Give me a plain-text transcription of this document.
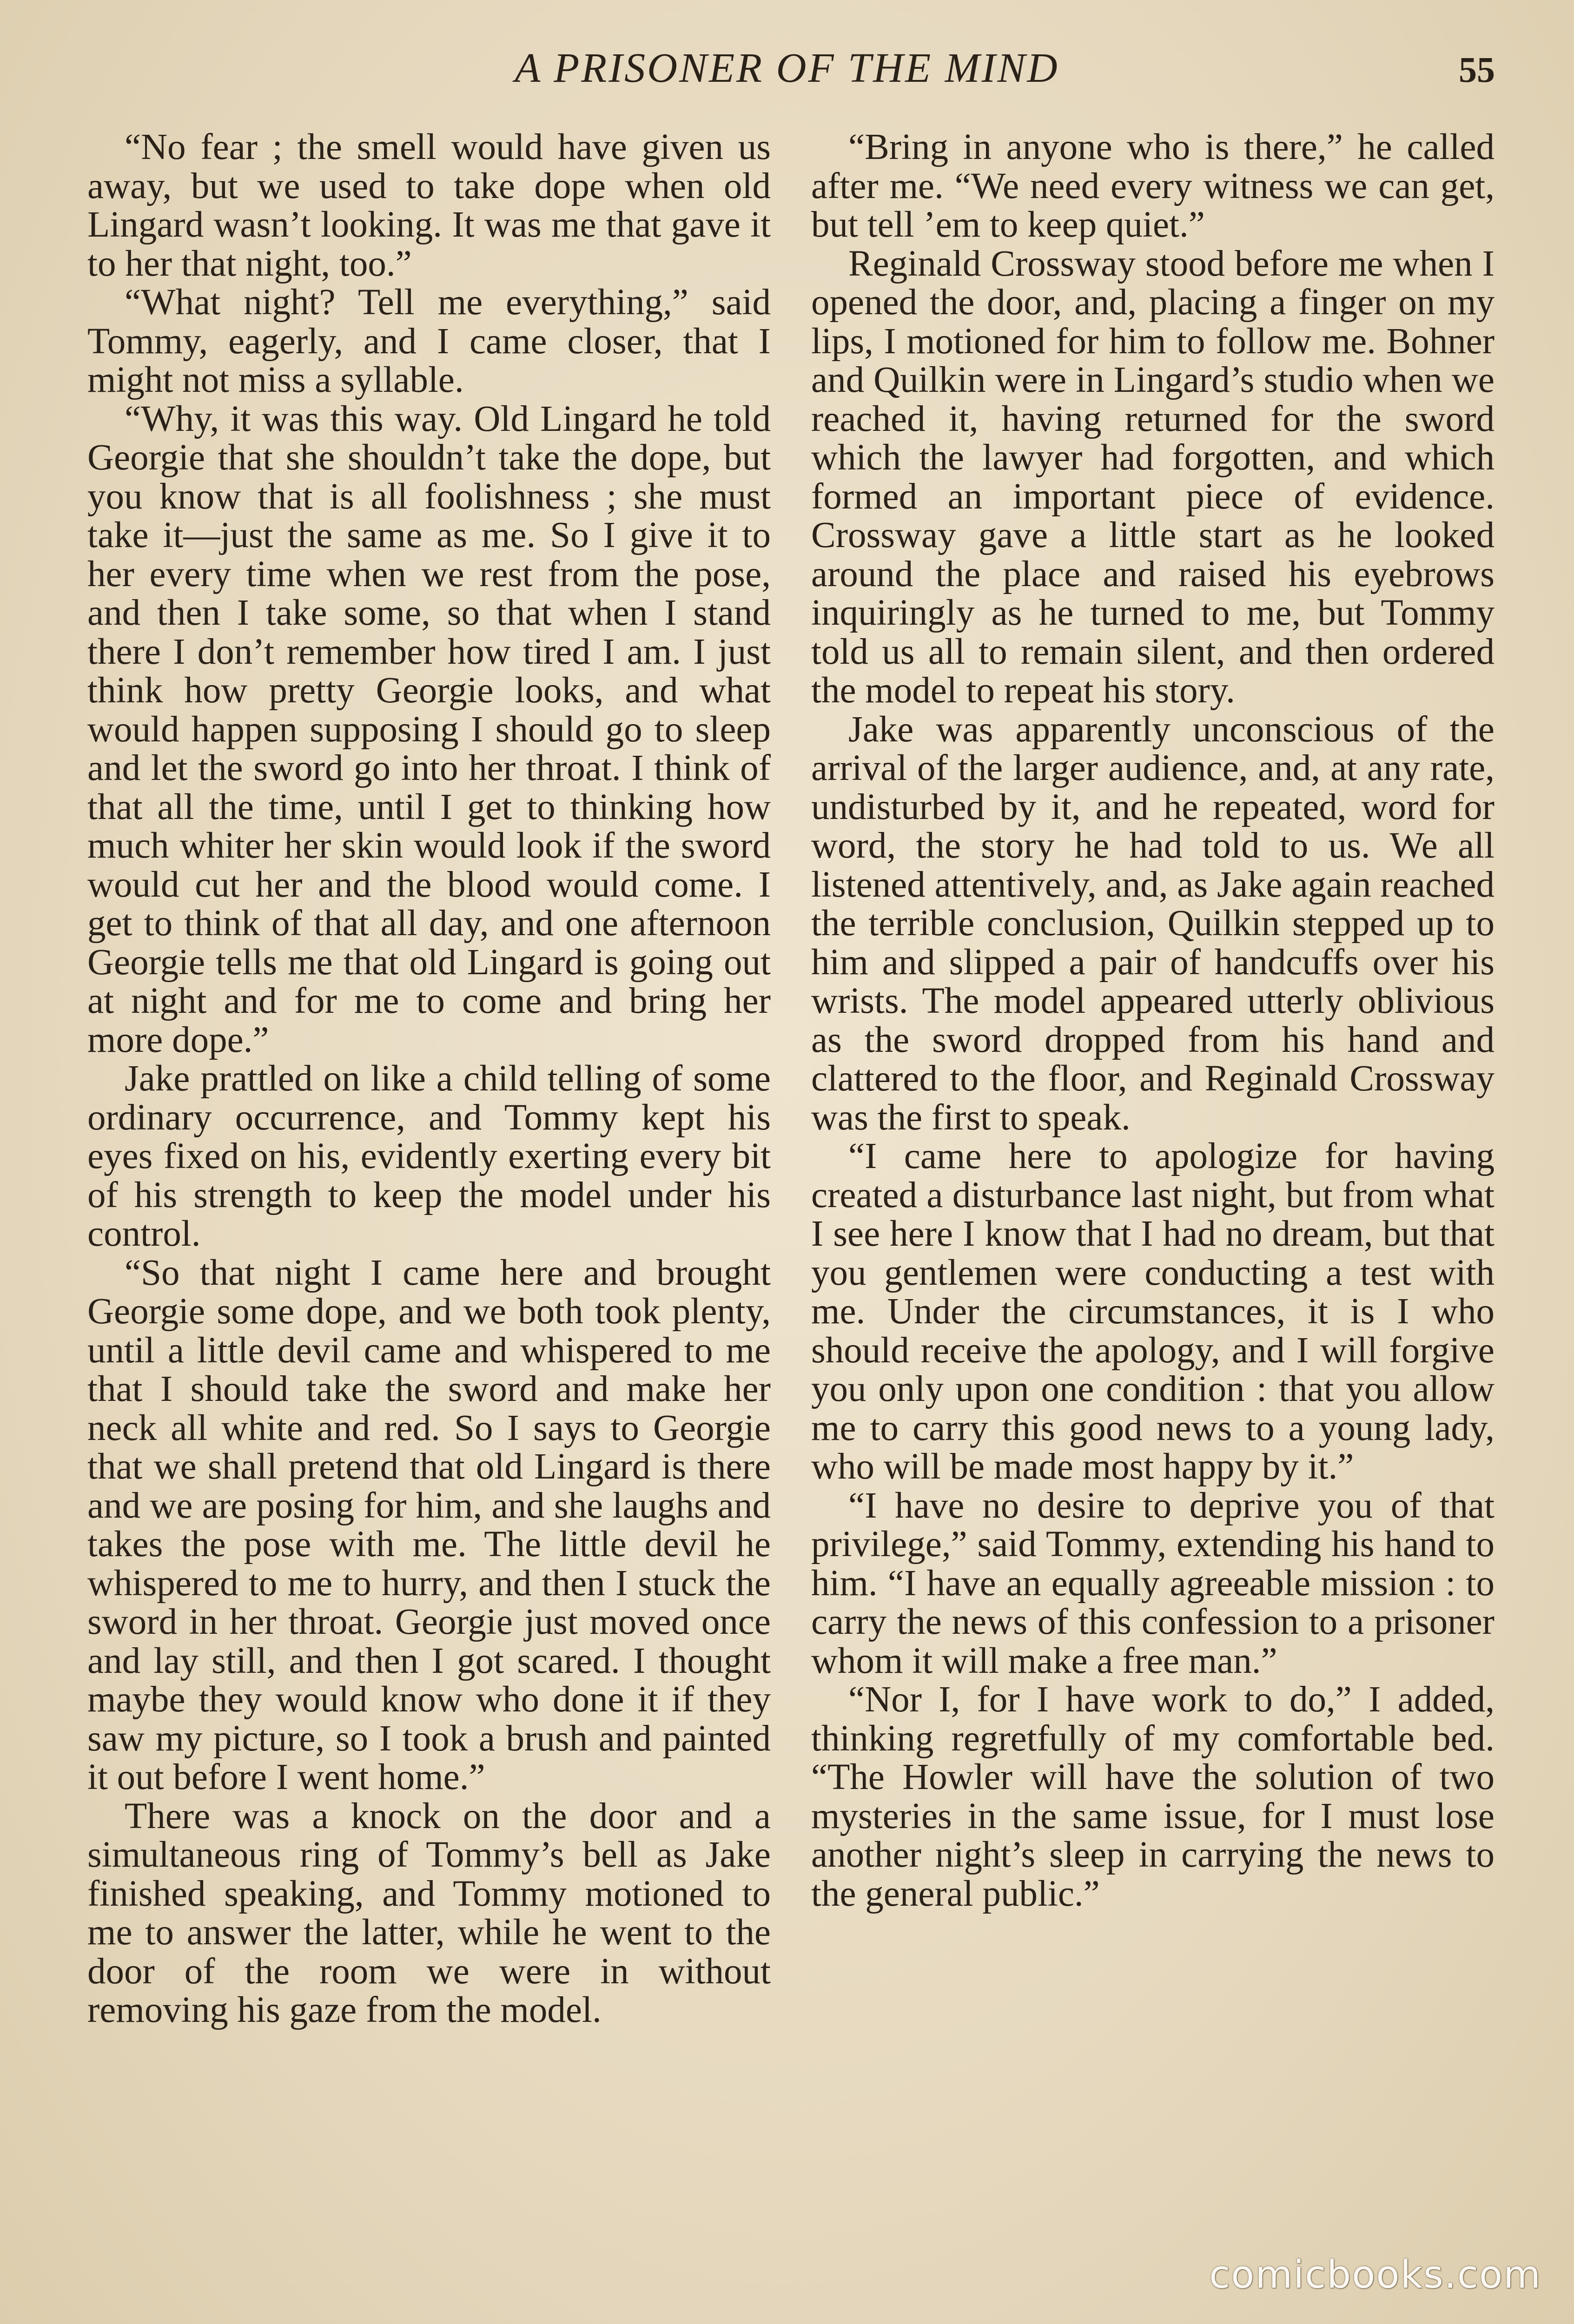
A PRISONER OF THE MIND	55

“No fear ; the smell would have given us away, but we used to take dope when old Lingard wasn’t looking. It was me that gave it to her that night, too.”

“What night? Tell me everything,” said Tommy, eagerly, and I came closer, that I might not miss a syllable.

“Why, it was this way. Old Lingard he told Georgie that she shouldn’t take the dope, but you know that is all foolishness ; she must take it—just the same as me. So I give it to her every time when we rest from the pose, and then I take some, so that when I stand there I don’t remember how tired I am. I just think how pretty Georgie looks, and what would happen supposing I should go to sleep and let the sword go into her throat. I think of that all the time, until I get to thinking how much whiter her skin would look if the sword would cut her and the blood would come. I get to think of that all day, and one afternoon Georgie tells me that old Lingard is going out at night and for me to come and bring her more dope.”

Jake prattled on like a child telling of some ordinary occurrence, and Tommy kept his eyes fixed on his, evidently exerting every bit of his strength to keep the model under his control.

“So that night I came here and brought Georgie some dope, and we both took plenty, until a little devil came and whispered to me that I should take the sword and make her neck all white and red. So I says to Georgie that we shall pretend that old Lingard is there and we are posing for him, and she laughs and takes the pose with me. The little devil he whispered to me to hurry, and then I stuck the sword in her throat. Georgie just moved once and lay still, and then I got scared. I thought maybe they would know who done it if they saw my picture, so I took a brush and painted it out before I went home.”

There was a knock on the door and a simultaneous ring of Tommy’s bell as Jake finished speaking, and Tommy motioned to me to answer the latter, while he went to the door of the room we were in without removing his gaze from the model.

“Bring in anyone who is there,” he called after me. “We need every witness we can get, but tell ’em to keep quiet.”

Reginald Crossway stood before me when I opened the door, and, placing a finger on my lips, I motioned for him to follow me. Bohner and Quilkin were in Lingard’s studio when we reached it, having returned for the sword which the lawyer had forgotten, and which formed an important piece of evidence. Crossway gave a little start as he looked around the place and raised his eyebrows inquiringly as he turned to me, but Tommy told us all to remain silent, and then ordered the model to repeat his story.

Jake was apparently unconscious of the arrival of the larger audience, and, at any rate, undisturbed by it, and he repeated, word for word, the story he had told to us. We all listened attentively, and, as Jake again reached the terrible conclusion, Quilkin stepped up to him and slipped a pair of handcuffs over his wrists. The model appeared utterly oblivious as the sword dropped from his hand and clattered to the floor, and Reginald Crossway was the first to speak.

“I came here to apologize for having created a disturbance last night, but from what I see here I know that I had no dream, but that you gentlemen were conducting a test with me. Under the circumstances, it is I who should receive the apology, and I will forgive you only upon one condition : that you allow me to carry this good news to a young lady, who will be made most happy by it.”

“I have no desire to deprive you of that privilege,” said Tommy, extending his hand to him. “I have an equally agreeable mission : to carry the news of this confession to a prisoner whom it will make a free man.”

“Nor I, for I have work to do,” I added, thinking regretfully of my comfortable bed. “The Howler will have the solution of two mysteries in the same issue, for I must lose another night’s sleep in carrying the news to the general public.”

comicbooks.com
